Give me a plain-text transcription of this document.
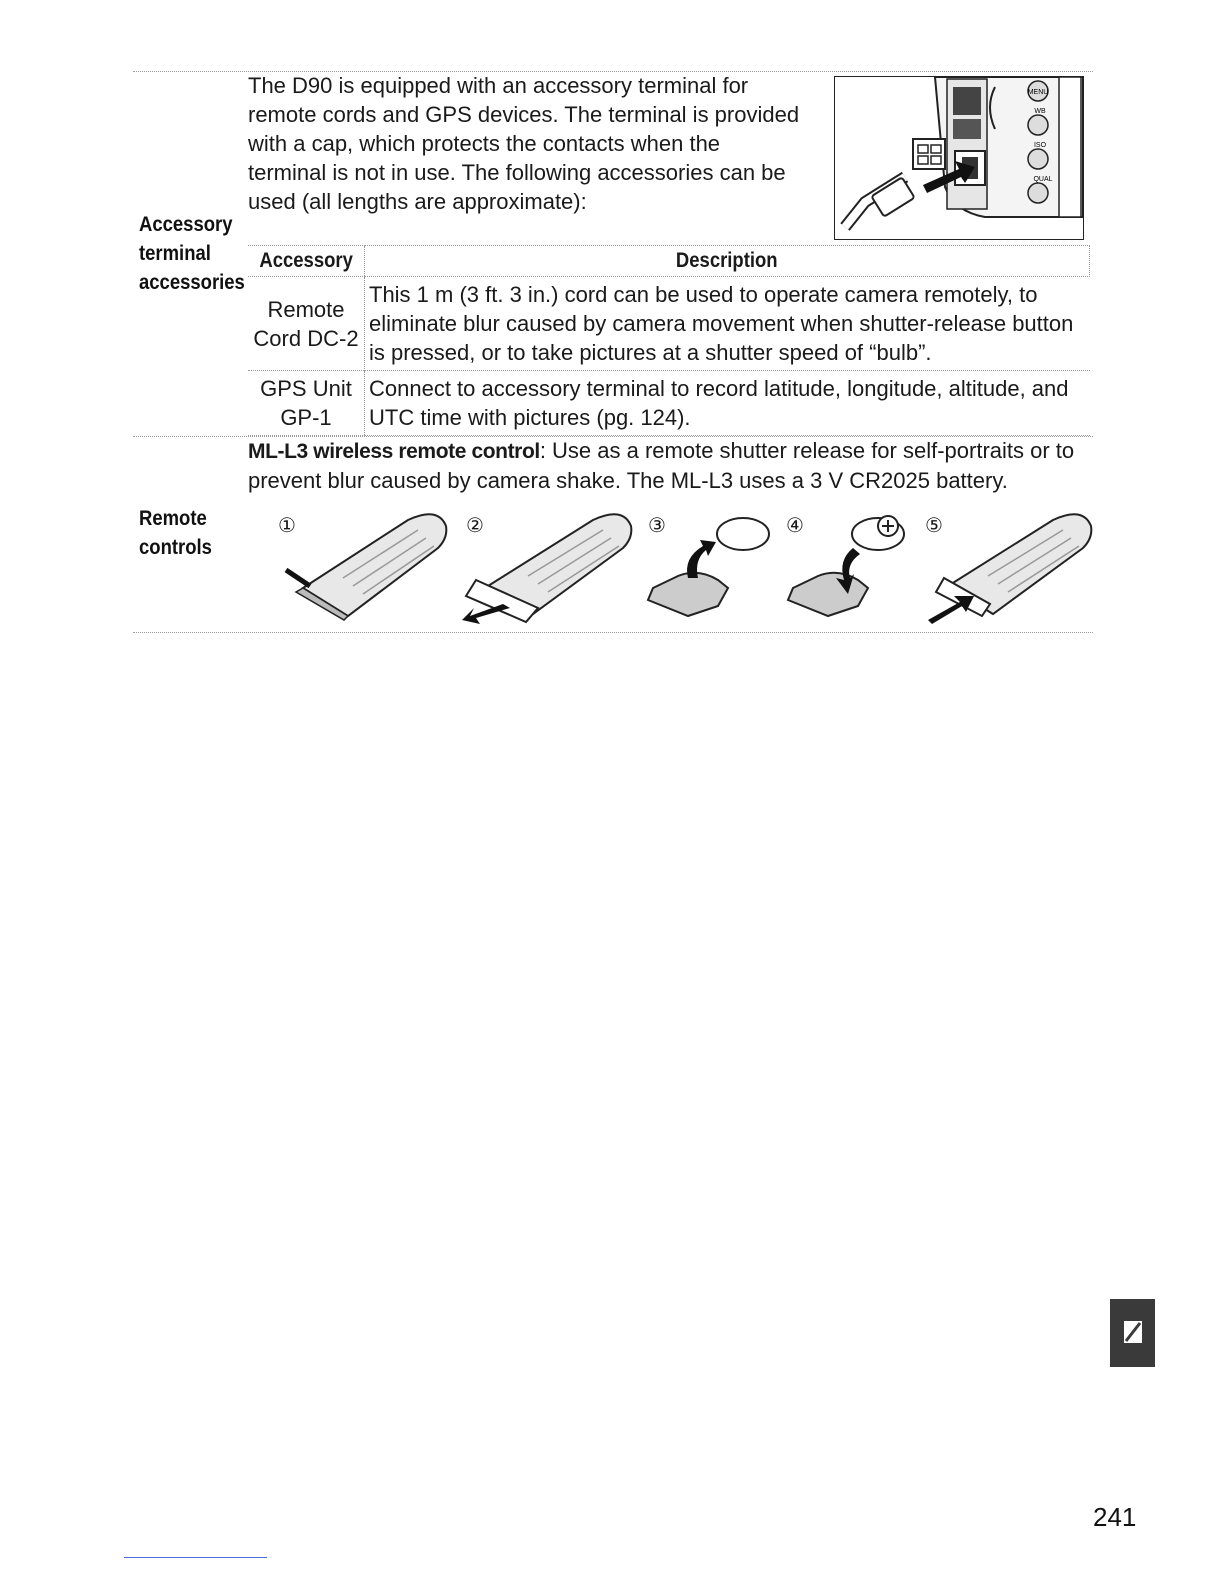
Accessory
terminal
accessories
The D90 is equipped with an accessory terminal for
remote cords and GPS devices. The terminal is provided
with a cap, which protects the contacts when the
terminal is not in use. The following accessories can be
used (all lengths are approximate):
MENU
WB
ISO
QUAL
Accessory	Description

Remote
Cord DC-2	This 1 m (3 ft. 3 in.) cord can be used to operate camera remotely, to eliminate blur caused by camera movement when shutter-release button is pressed, or to take pictures at a shutter speed of “bulb”.

GPS Unit
GP-1	Connect to accessory terminal to record latitude, longitude, altitude, and UTC time with pictures (pg. 124).
Remote
controls
ML-L3 wireless remote control: Use as a remote shutter release for self-portraits or to prevent blur caused by camera shake. The ML-L3 uses a 3 V CR2025 battery.
①	②	③	④	⑤
241
